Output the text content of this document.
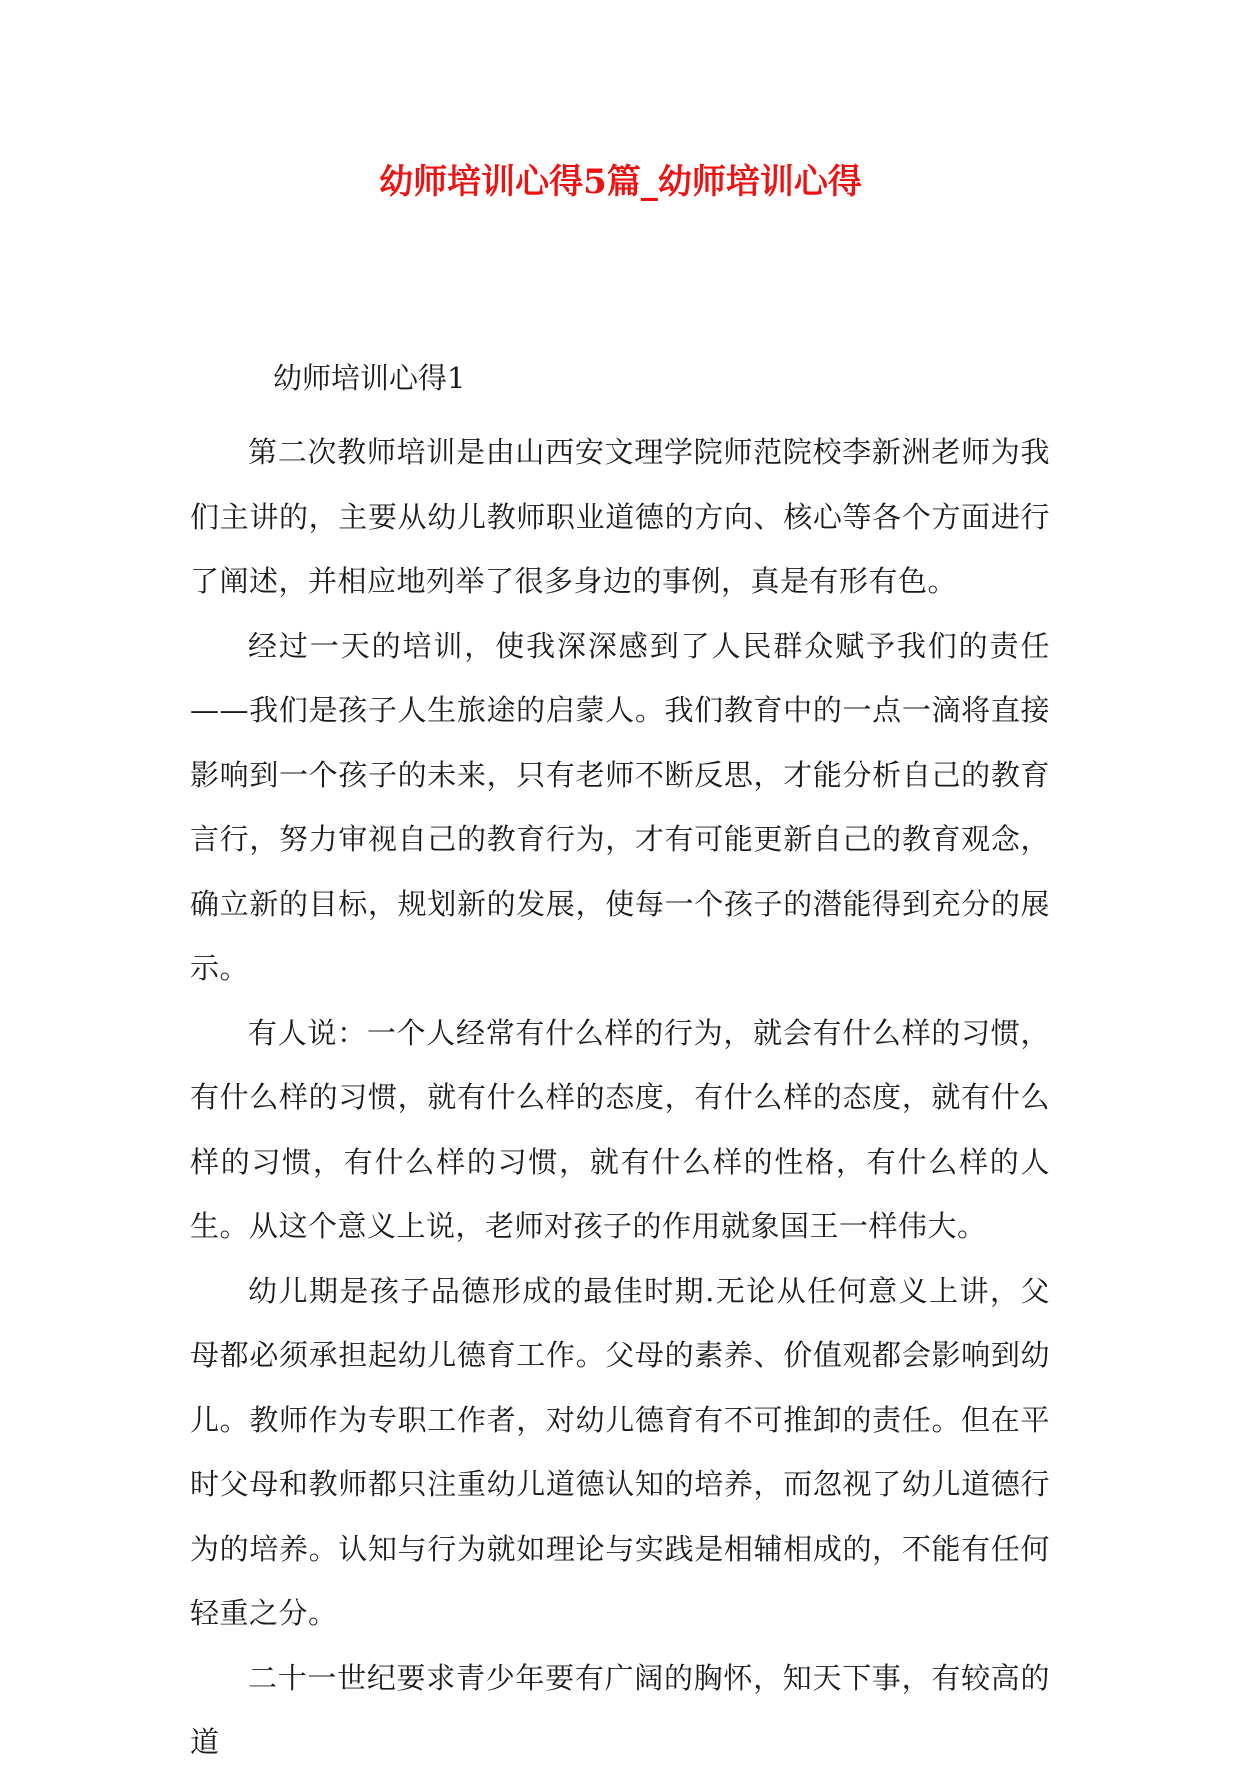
幼师培训心得5篇_幼师培训心得
幼师培训心得1

第二次教师培训是由山西安文理学院师范院校李新洲老师为我们主讲的，主要从幼儿教师职业道德的方向、核心等各个方面进行了阐述，并相应地列举了很多身边的事例，真是有形有色。

经过一天的培训，使我深深感到了人民群众赋予我们的责任——我们是孩子人生旅途的启蒙人。我们教育中的一点一滴将直接影响到一个孩子的未来，只有老师不断反思，才能分析自己的教育言行，努力审视自己的教育行为，才有可能更新自己的教育观念，确立新的目标，规划新的发展，使每一个孩子的潜能得到充分的展示。

有人说：一个人经常有什么样的行为，就会有什么样的习惯，有什么样的习惯，就有什么样的态度，有什么样的态度，就有什么样的习惯，有什么样的习惯，就有什么样的性格，有什么样的人生。从这个意义上说，老师对孩子的作用就象国王一样伟大。

幼儿期是孩子品德形成的最佳时期.无论从任何意义上讲，父母都必须承担起幼儿德育工作。父母的素养、价值观都会影响到幼儿。教师作为专职工作者，对幼儿德育有不可推卸的责任。但在平时父母和教师都只注重幼儿道德认知的培养，而忽视了幼儿道德行为的培养。认知与行为就如理论与实践是相辅相成的，不能有任何轻重之分。

二十一世纪要求青少年要有广阔的胸怀，知天下事，有较高的道
